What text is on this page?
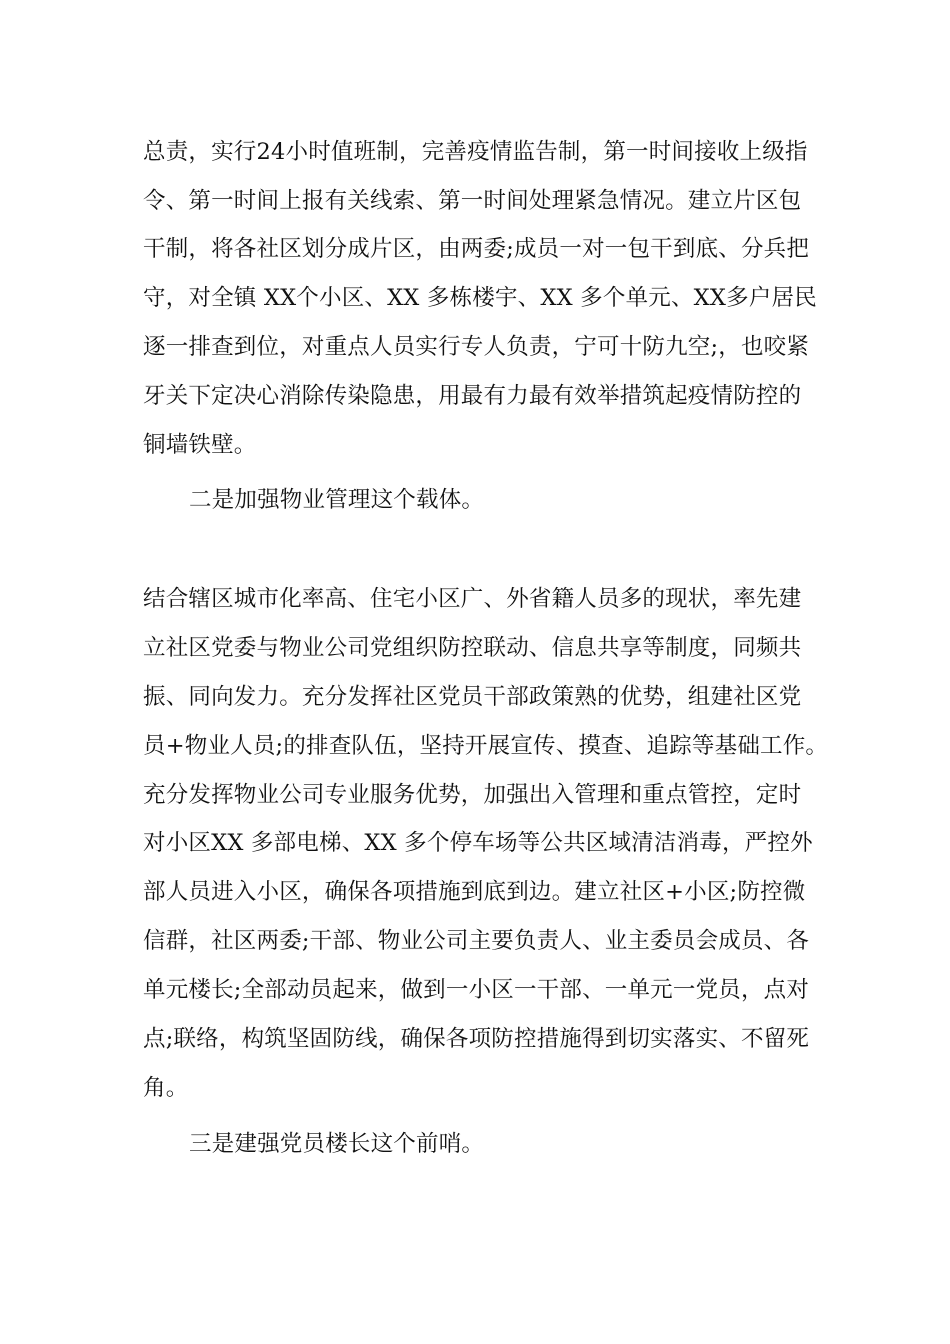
总责，实行24小时值班制，完善疫情监告制，第一时间接收上级指

令、第一时间上报有关线索、第一时间处理紧急情况。建立片区包

干制，将各社区划分成片区，由两委;成员一对一包干到底、分兵把

守，对全镇 XX个小区、XX 多栋楼宇、XX 多个单元、XX多户居民

逐一排查到位，对重点人员实行专人负责，宁可十防九空;，也咬紧

牙关下定决心消除传染隐患，用最有力最有效举措筑起疫情防控的

铜墙铁壁。

二是加强物业管理这个载体。

结合辖区城市化率高、住宅小区广、外省籍人员多的现状，率先建

立社区党委与物业公司党组织防控联动、信息共享等制度，同频共

振、同向发力。充分发挥社区党员干部政策熟的优势，组建社区党

员+物业人员;的排查队伍，坚持开展宣传、摸查、追踪等基础工作。

充分发挥物业公司专业服务优势，加强出入管理和重点管控，定时

对小区XX 多部电梯、XX 多个停车场等公共区域清洁消毒，严控外

部人员进入小区，确保各项措施到底到边。建立社区+小区;防控微

信群，社区两委;干部、物业公司主要负责人、业主委员会成员、各

单元楼长;全部动员起来，做到一小区一干部、一单元一党员，点对

点;联络，构筑坚固防线，确保各项防控措施得到切实落实、不留死

角。

三是建强党员楼长这个前哨。
